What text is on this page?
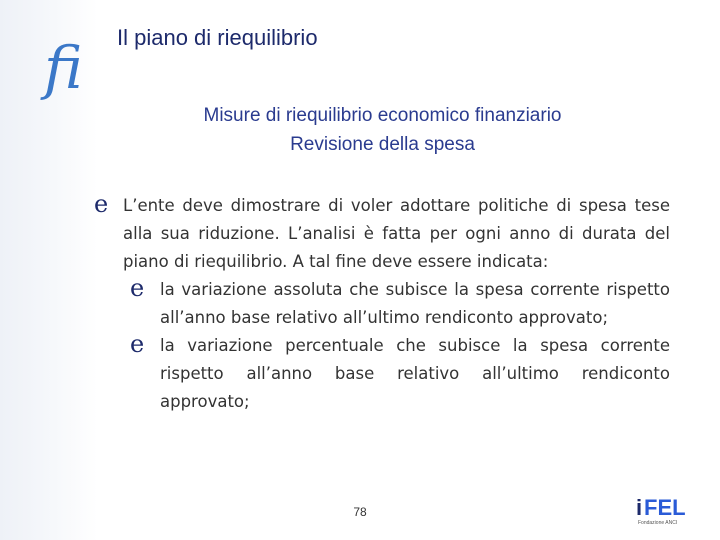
fi Il piano di riequilibrio
Misure di riequilibrio economico finanziario
Revisione della spesa
e L’ente deve dimostrare di voler adottare politiche di spesa tese alla sua riduzione. L’analisi è fatta per ogni anno di durata del piano di riequilibrio. A tal fine deve essere indicata:
e la variazione assoluta che subisce la spesa corrente rispetto all’anno base relativo all’ultimo rendiconto approvato;
e la variazione percentuale che subisce la spesa corrente rispetto all’anno base relativo all’ultimo rendiconto approvato;
78	i FEL
Fondazione ANCI
